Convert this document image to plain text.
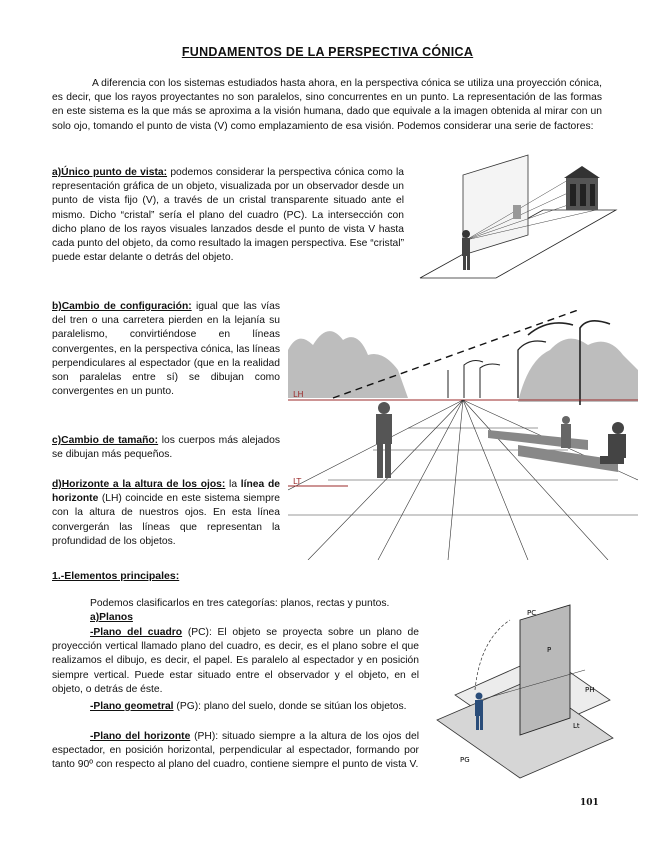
FUNDAMENTOS DE LA PERSPECTIVA CÓNICA
A diferencia con los sistemas estudiados hasta ahora, en la perspectiva cónica se utiliza una proyección cónica, es decir, que los rayos proyectantes no son paralelos, sino concurrentes en un punto. La representación de las formas en este sistema es la que más se aproxima a la visión humana, dado que equivale a la imagen obtenida al mirar con un solo ojo, tomando el punto de vista (V) como emplazamiento de esa visión. Podemos considerar una serie de factores:
a)Único punto de vista: podemos considerar la perspectiva cónica como la representación gráfica de un objeto, visualizada por un observador desde un punto de vista fijo (V), a través de un cristal transparente situado ante el mismo. Dicho “cristal” sería el plano del cuadro (PC). La intersección con dicho plano de los rayos visuales lanzados desde el punto de vista V hasta cada punto del objeto, da como resultado la imagen perspectiva. Ese “cristal” puede estar delante o detrás del objeto.
b)Cambio de configuración: igual que las vías del tren o una carretera pierden en la lejanía su paralelismo, convirtiéndose en líneas convergentes, en la perspectiva cónica, las líneas perpendiculares al espectador (que en la realidad son paralelas entre sí) se dibujan como convergentes en un punto.
c)Cambio de tamaño: los cuerpos más alejados se dibujan más pequeños.
d)Horizonte a la altura de los ojos: la línea de horizonte (LH) coincide en este sistema siempre con la altura de nuestros ojos. En esta línea convergerán las líneas que representan la profundidad de los objetos.
LH
LT
1.-Elementos principales:
Podemos clasificarlos en tres categorías: planos, rectas y puntos.
a)Planos
-Plano del cuadro (PC): El objeto se proyecta sobre un plano de proyección vertical llamado plano del cuadro, es decir, es el plano sobre el que realizamos el dibujo, es decir, el papel. Es paralelo al espectador y en posición siempre vertical. Puede estar situado entre el observador y el objeto, en el objeto, o detrás de éste.
-Plano geometral (PG): plano del suelo, donde se sitúan los objetos.
-Plano del horizonte (PH): situado siempre a la altura de los ojos del espectador, en posición horizontal, perpendicular al espectador, formando por tanto 90º con respecto al plano del cuadro, contiene siempre el punto de vista V.
PC
P
PH
Lt
PG
101
